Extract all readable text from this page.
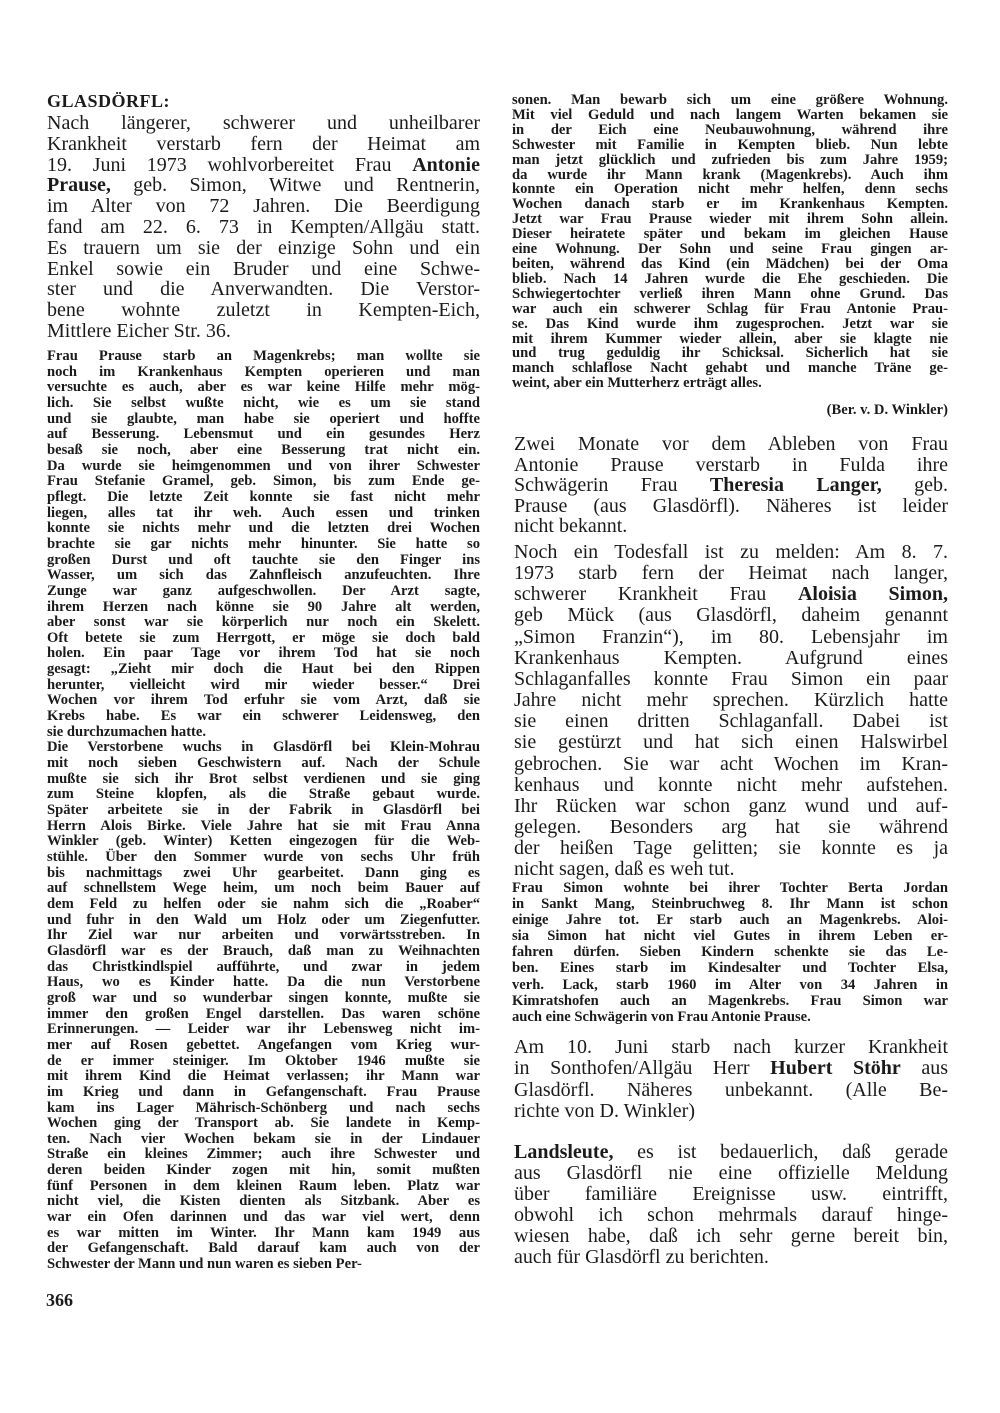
GLASDÖRFL:
Nach längerer, schwerer und unheilbarer
Krankheit verstarb fern der Heimat am
19. Juni 1973 wohlvorbereitet Frau Antonie
Prause, geb. Simon, Witwe und Rentnerin,
im Alter von 72 Jahren. Die Beerdigung
fand am 22. 6. 73 in Kempten/Allgäu statt.
Es trauern um sie der einzige Sohn und ein
Enkel sowie ein Bruder und eine Schwe-
ster und die Anverwandten. Die Verstor-
bene wohnte zuletzt in Kempten-Eich,
Mittlere Eicher Str. 36.
Frau Prause starb an Magenkrebs; man wollte sie
noch im Krankenhaus Kempten operieren und man
versuchte es auch, aber es war keine Hilfe mehr mög-
lich. Sie selbst wußte nicht, wie es um sie stand
und sie glaubte, man habe sie operiert und hoffte
auf Besserung. Lebensmut und ein gesundes Herz
besaß sie noch, aber eine Besserung trat nicht ein.
Da wurde sie heimgenommen und von ihrer Schwester
Frau Stefanie Gramel, geb. Simon, bis zum Ende ge-
pflegt. Die letzte Zeit konnte sie fast nicht mehr
liegen, alles tat ihr weh. Auch essen und trinken
konnte sie nichts mehr und die letzten drei Wochen
brachte sie gar nichts mehr hinunter. Sie hatte so
großen Durst und oft tauchte sie den Finger ins
Wasser, um sich das Zahnfleisch anzufeuchten. Ihre
Zunge war ganz aufgeschwollen. Der Arzt sagte,
ihrem Herzen nach könne sie 90 Jahre alt werden,
aber sonst war sie körperlich nur noch ein Skelett.
Oft betete sie zum Herrgott, er möge sie doch bald
holen. Ein paar Tage vor ihrem Tod hat sie noch
gesagt: „Zieht mir doch die Haut bei den Rippen
herunter, vielleicht wird mir wieder besser.“ Drei
Wochen vor ihrem Tod erfuhr sie vom Arzt, daß sie
Krebs habe. Es war ein schwerer Leidensweg, den
sie durchzumachen hatte.
Die Verstorbene wuchs in Glasdörfl bei Klein-Mohrau
mit noch sieben Geschwistern auf. Nach der Schule
mußte sie sich ihr Brot selbst verdienen und sie ging
zum Steine klopfen, als die Straße gebaut wurde.
Später arbeitete sie in der Fabrik in Glasdörfl bei
Herrn Alois Birke. Viele Jahre hat sie mit Frau Anna
Winkler (geb. Winter) Ketten eingezogen für die Web-
stühle. Über den Sommer wurde von sechs Uhr früh
bis nachmittags zwei Uhr gearbeitet. Dann ging es
auf schnellstem Wege heim, um noch beim Bauer auf
dem Feld zu helfen oder sie nahm sich die „Roaber“
und fuhr in den Wald um Holz oder um Ziegenfutter.
Ihr Ziel war nur arbeiten und vorwärtsstreben. In
Glasdörfl war es der Brauch, daß man zu Weihnachten
das Christkindlspiel aufführte, und zwar in jedem
Haus, wo es Kinder hatte. Da die nun Verstorbene
groß war und so wunderbar singen konnte, mußte sie
immer den großen Engel darstellen. Das waren schöne
Erinnerungen. — Leider war ihr Lebensweg nicht im-
mer auf Rosen gebettet. Angefangen vom Krieg wur-
de er immer steiniger. Im Oktober 1946 mußte sie
mit ihrem Kind die Heimat verlassen; ihr Mann war
im Krieg und dann in Gefangenschaft. Frau Prause
kam ins Lager Mährisch-Schönberg und nach sechs
Wochen ging der Transport ab. Sie landete in Kemp-
ten. Nach vier Wochen bekam sie in der Lindauer
Straße ein kleines Zimmer; auch ihre Schwester und
deren beiden Kinder zogen mit hin, somit mußten
fünf Personen in dem kleinen Raum leben. Platz war
nicht viel, die Kisten dienten als Sitzbank. Aber es
war ein Ofen darinnen und das war viel wert, denn
es war mitten im Winter. Ihr Mann kam 1949 aus
der Gefangenschaft. Bald darauf kam auch von der
Schwester der Mann und nun waren es sieben Per-
sonen. Man bewarb sich um eine größere Wohnung.
Mit viel Geduld und nach langem Warten bekamen sie
in der Eich eine Neubauwohnung, während ihre
Schwester mit Familie in Kempten blieb. Nun lebte
man jetzt glücklich und zufrieden bis zum Jahre 1959;
da wurde ihr Mann krank (Magenkrebs). Auch ihm
konnte ein Operation nicht mehr helfen, denn sechs
Wochen danach starb er im Krankenhaus Kempten.
Jetzt war Frau Prause wieder mit ihrem Sohn allein.
Dieser heiratete später und bekam im gleichen Hause
eine Wohnung. Der Sohn und seine Frau gingen ar-
beiten, während das Kind (ein Mädchen) bei der Oma
blieb. Nach 14 Jahren wurde die Ehe geschieden. Die
Schwiegertochter verließ ihren Mann ohne Grund. Das
war auch ein schwerer Schlag für Frau Antonie Prau-
se. Das Kind wurde ihm zugesprochen. Jetzt war sie
mit ihrem Kummer wieder allein, aber sie klagte nie
und trug geduldig ihr Schicksal. Sicherlich hat sie
manch schlaflose Nacht gehabt und manche Träne ge-
weint, aber ein Mutterherz erträgt alles.
(Ber. v. D. Winkler)
Zwei Monate vor dem Ableben von Frau
Antonie Prause verstarb in Fulda ihre
Schwägerin Frau Theresia Langer, geb.
Prause (aus Glasdörfl). Näheres ist leider
nicht bekannt.
Noch ein Todesfall ist zu melden: Am 8. 7.
1973 starb fern der Heimat nach langer,
schwerer Krankheit Frau Aloisia Simon,
geb Mück (aus Glasdörfl, daheim genannt
„Simon Franzin“), im 80. Lebensjahr im
Krankenhaus Kempten. Aufgrund eines
Schlaganfalles konnte Frau Simon ein paar
Jahre nicht mehr sprechen. Kürzlich hatte
sie einen dritten Schlaganfall. Dabei ist
sie gestürzt und hat sich einen Halswirbel
gebrochen. Sie war acht Wochen im Kran-
kenhaus und konnte nicht mehr aufstehen.
Ihr Rücken war schon ganz wund und auf-
gelegen. Besonders arg hat sie während
der heißen Tage gelitten; sie konnte es ja
nicht sagen, daß es weh tut.
Frau Simon wohnte bei ihrer Tochter Berta Jordan
in Sankt Mang, Steinbruchweg 8. Ihr Mann ist schon
einige Jahre tot. Er starb auch an Magenkrebs. Aloi-
sia Simon hat nicht viel Gutes in ihrem Leben er-
fahren dürfen. Sieben Kindern schenkte sie das Le-
ben. Eines starb im Kindesalter und Tochter Elsa,
verh. Lack, starb 1960 im Alter von 34 Jahren in
Kimratshofen auch an Magenkrebs. Frau Simon war
auch eine Schwägerin von Frau Antonie Prause.
Am 10. Juni starb nach kurzer Krankheit
in Sonthofen/Allgäu Herr Hubert Stöhr aus
Glasdörfl. Näheres unbekannt. (Alle Be-
richte von D. Winkler)
Landsleute, es ist bedauerlich, daß gerade
aus Glasdörfl nie eine offizielle Meldung
über familiäre Ereignisse usw. eintrifft,
obwohl ich schon mehrmals darauf hinge-
wiesen habe, daß ich sehr gerne bereit bin,
auch für Glasdörfl zu berichten.
366
